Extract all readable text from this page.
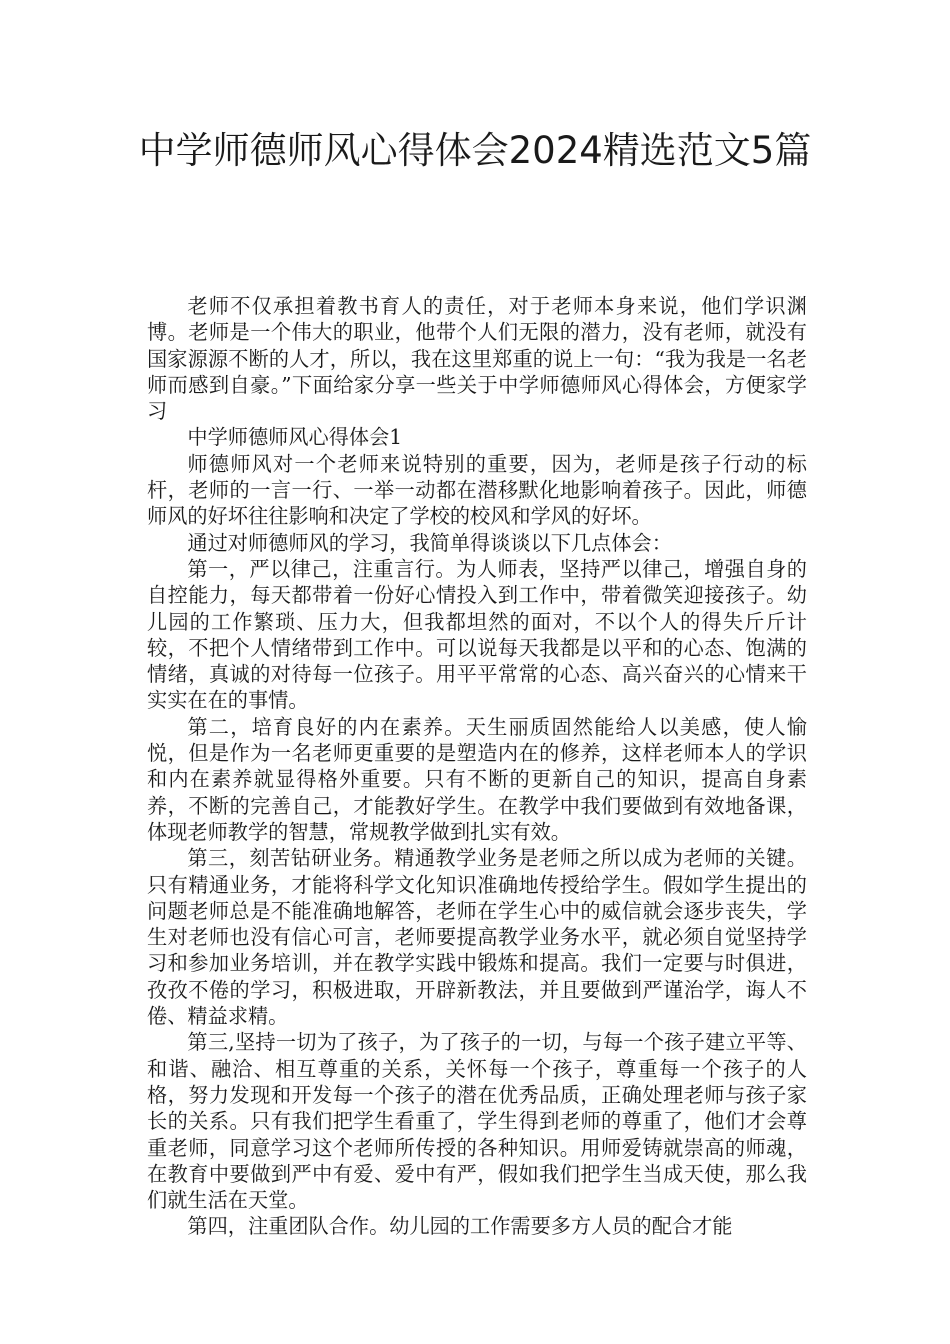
中学师德师风心得体会2024精选范文5篇

老师不仅承担着教书育人的责任，对于老师本身来说，他们学识渊博。老师是一个伟大的职业，他带个人们无限的潜力，没有老师，就没有国家源源不断的人才，所以，我在这里郑重的说上一句：“我为我是一名老师而感到自豪。”下面给家分享一些关于中学师德师风心得体会，方便家学习

中学师德师风心得体会1

师德师风对一个老师来说特别的重要，因为，老师是孩子行动的标杆，老师的一言一行、一举一动都在潜移默化地影响着孩子。因此，师德师风的好坏往往影响和决定了学校的校风和学风的好坏。

通过对师德师风的学习，我简单得谈谈以下几点体会：

第一，严以律己，注重言行。为人师表，坚持严以律己，增强自身的自控能力，每天都带着一份好心情投入到工作中，带着微笑迎接孩子。幼儿园的工作繁琐、压力大，但我都坦然的面对，不以个人的得失斤斤计较，不把个人情绪带到工作中。可以说每天我都是以平和的心态、饱满的情绪，真诚的对待每一位孩子。用平平常常的心态、高兴奋兴的心情来干实实在在的事情。

第二，培育良好的内在素养。天生丽质固然能给人以美感，使人愉悦，但是作为一名老师更重要的是塑造内在的修养，这样老师本人的学识和内在素养就显得格外重要。只有不断的更新自己的知识，提高自身素养，不断的完善自己，才能教好学生。在教学中我们要做到有效地备课，体现老师教学的智慧，常规教学做到扎实有效。

第三，刻苦钻研业务。精通教学业务是老师之所以成为老师的关键。只有精通业务，才能将科学文化知识准确地传授给学生。假如学生提出的问题老师总是不能准确地解答，老师在学生心中的威信就会逐步丧失，学生对老师也没有信心可言，老师要提高教学业务水平，就必须自觉坚持学习和参加业务培训，并在教学实践中锻炼和提高。我们一定要与时俱进，孜孜不倦的学习，积极进取，开辟新教法，并且要做到严谨治学，诲人不倦、精益求精。

第三,坚持一切为了孩子，为了孩子的一切，与每一个孩子建立平等、和谐、融洽、相互尊重的关系，关怀每一个孩子，尊重每一个孩子的人格，努力发现和开发每一个孩子的潜在优秀品质，正确处理老师与孩子家长的关系。只有我们把学生看重了，学生得到老师的尊重了，他们才会尊重老师，同意学习这个老师所传授的各种知识。用师爱铸就崇高的师魂，在教育中要做到严中有爱、爱中有严，假如我们把学生当成天使，那么我们就生活在天堂。

第四，注重团队合作。幼儿园的工作需要多方人员的配合才能
